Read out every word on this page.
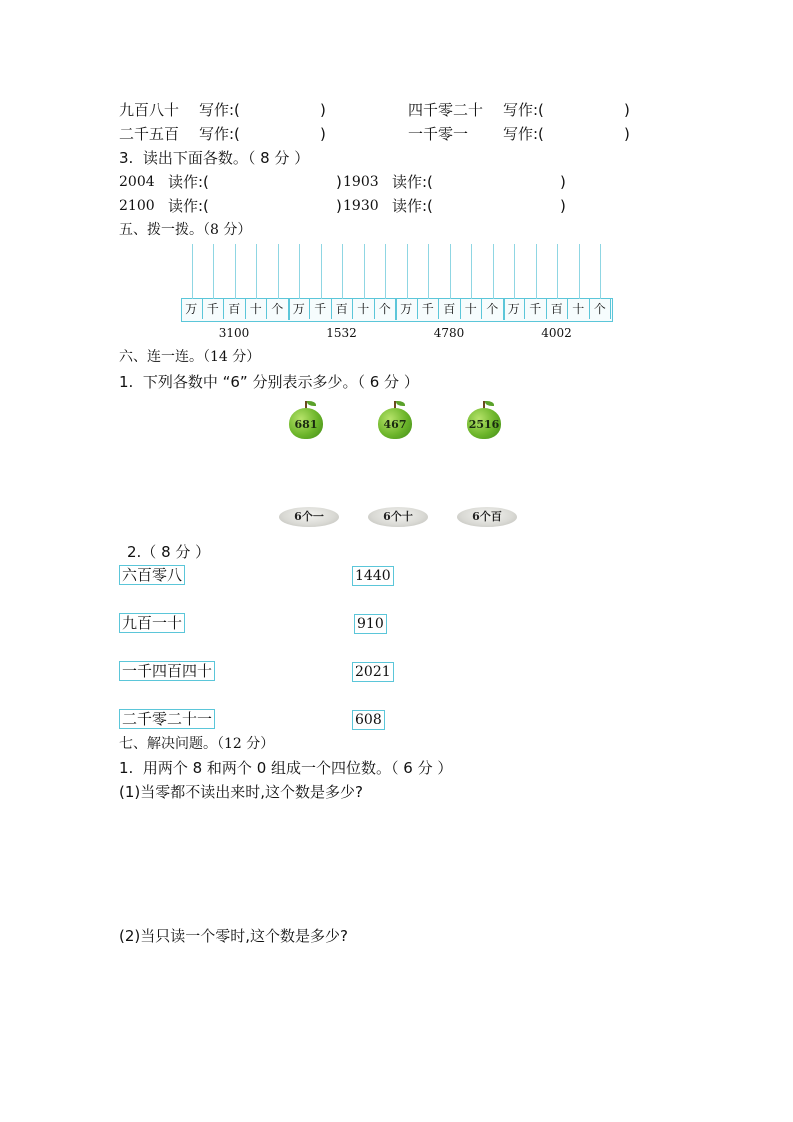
九百八十 写作:(	)	四千零二十 写作:(	)
二千五百 写作:(	)	一千零一 写作:(	)
3.  读出下面各数。（ 8 分 ）
2004 读作:(	) 1903 读作:(	)
2100 读作:(	) 1930 读作:(	)
五、拨一拨。（8 分）
万 千 百 十 个
3100
万 千 百 十 个
1532
万 千 百 十 个
4780
万 千 百 十 个
4002
六、连一连。（14 分）
1.  下列各数中 “6” 分别表示多少。（ 6 分 ）
681	467	2516
6个一	6个十	6个百
2.（ 8 分 ）
六百零八
九百一十
一千四百四十
二千零二十一
1440
910
2021
608
七、解决问题。（12 分）
1.  用两个 8 和两个 0 组成一个四位数。（ 6 分 ）
(1)当零都不读出来时,这个数是多少?
(2)当只读一个零时,这个数是多少?
